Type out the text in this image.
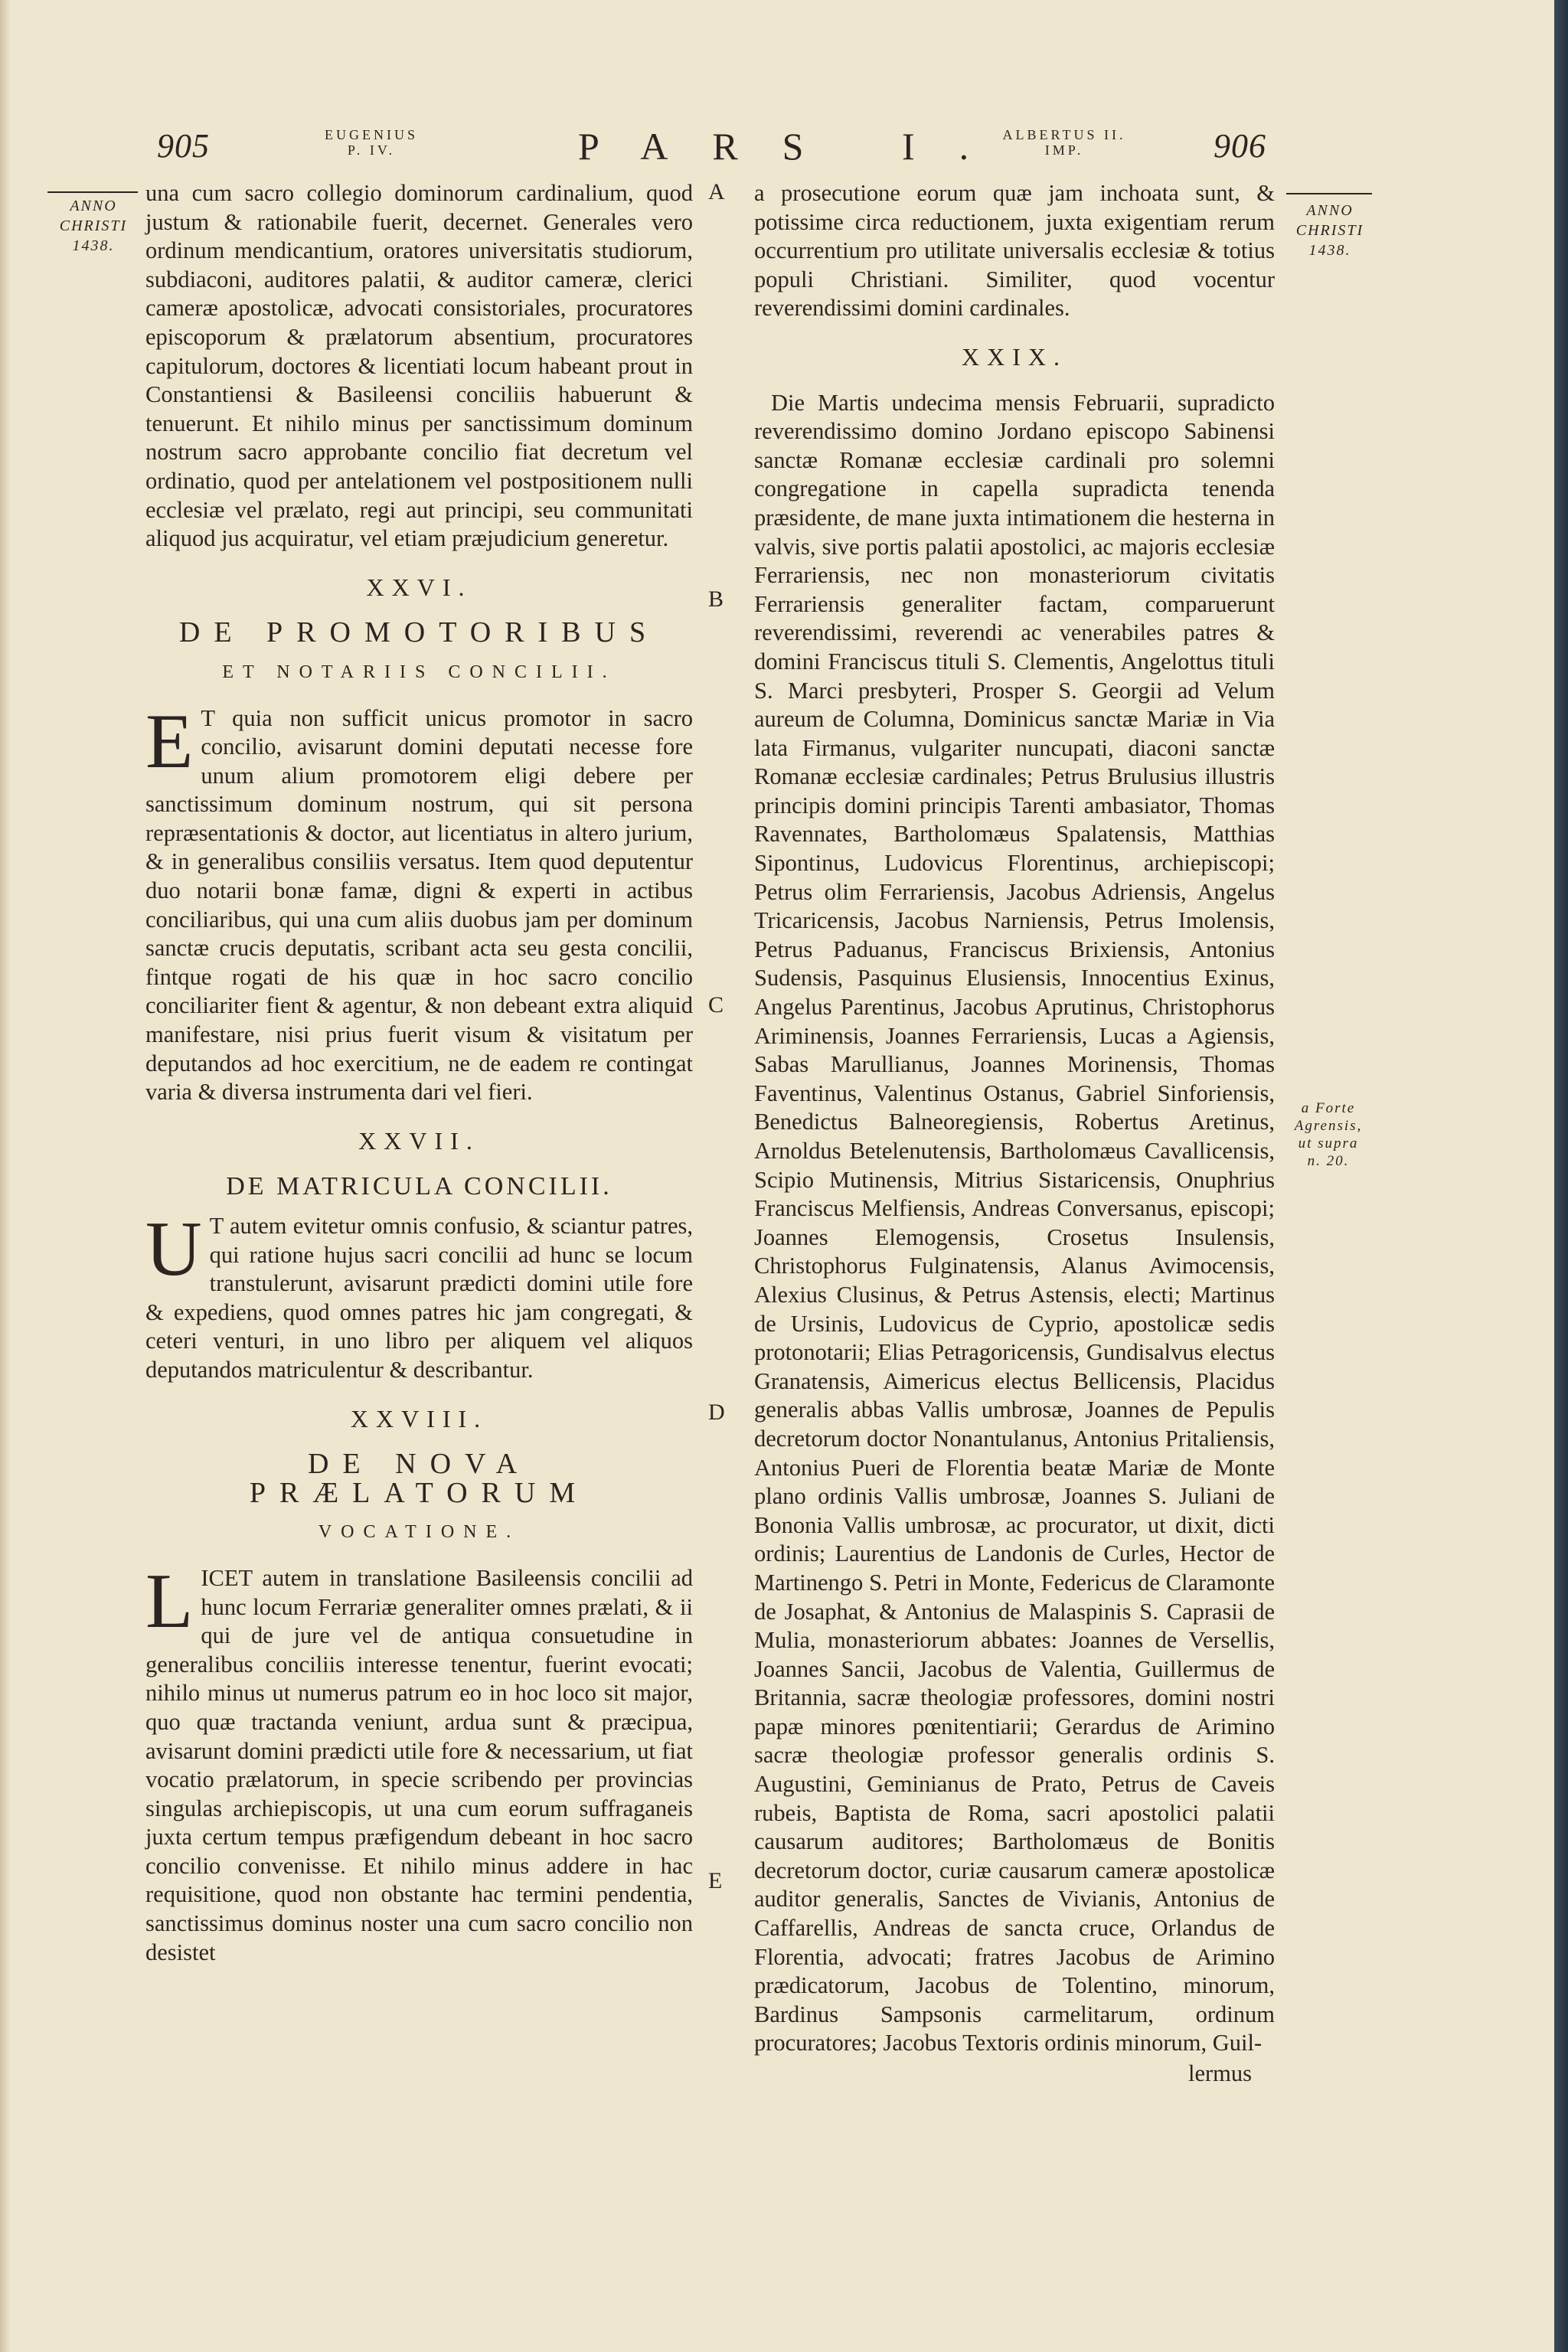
905	EUGENIUS
P. IV.	PARS I.
ALBERTUS II.
IMP.	906
ANNO
CHRISTI
1438.
ANNO
CHRISTI
1438.
a Forte
Agrensis,
ut supra
n. 20.
A
B
C
D
E

una cum sacro collegio dominorum cardinalium, quod justum & rationabile fuerit, decernet. Generales vero ordinum mendicantium, oratores universitatis studiorum, subdiaconi, auditores palatii, & auditor cameræ, clerici cameræ apostolicæ, advocati consistoriales, procuratores episcoporum & prælatorum absentium, procuratores capitulorum, doctores & licentiati locum habeant prout in Constantiensi & Basileensi conciliis habuerunt & tenuerunt. Et nihilo minus per sanctissimum dominum nostrum sacro approbante concilio fiat decretum vel ordinatio, quod per antelationem vel postpositionem nulli ecclesiæ vel prælato, regi aut principi, seu communitati aliquod jus acquiratur, vel etiam præjudicium generetur.

XXVI.
DE PROMOTORIBUS
ET NOTARIIS CONCILII.

E T quia non sufficit unicus promotor in sacro concilio, avisarunt domini deputati necesse fore unum alium promotorem eligi debere per sanctissimum dominum nostrum, qui sit persona repræsentationis & doctor, aut licentiatus in altero jurium, & in generalibus consiliis versatus. Item quod deputentur duo notarii bonæ famæ, digni & experti in actibus conciliaribus, qui una cum aliis duobus jam per dominum sanctæ crucis deputatis, scribant acta seu gesta concilii, fintque rogati de his quæ in hoc sacro concilio conciliariter fient & agentur, & non debeant extra aliquid manifestare, nisi prius fuerit visum & visitatum per deputandos ad hoc exercitium, ne de eadem re contingat varia & diversa instrumenta dari vel fieri.

XXVII.
DE MATRICULA CONCILII.

U T autem evitetur omnis confusio, & sciantur patres, qui ratione hujus sacri concilii ad hunc se locum transtulerunt, avisarunt prædicti domini utile fore & expediens, quod omnes patres hic jam congregati, & ceteri venturi, in uno libro per aliquem vel aliquos deputandos matriculentur & describantur.

XXVIII.
DE NOVA PRÆLATORUM
VOCATIONE.

LICET autem in translatione Basileensis concilii ad hunc locum Ferrariæ generaliter omnes prælati, & ii qui de jure vel de antiqua consuetudine in generalibus conciliis interesse tenentur, fuerint evocati; nihilo minus ut numerus patrum eo in hoc loco sit major, quo quæ tractanda veniunt, ardua sunt & præcipua, avisarunt domini prædicti utile fore & necessarium, ut fiat vocatio prælatorum, in specie scribendo per provincias singulas archiepiscopis, ut una cum eorum suffraganeis juxta certum tempus præfigendum debeant in hoc sacro concilio convenisse. Et nihilo minus addere in hac requisitione, quod non obstante hac termini pendentia, sanctissimus dominus noster una cum sacro concilio non desistet

a prosecutione eorum quæ jam inchoata sunt, & potissime circa reductionem, juxta exigentiam rerum occurrentium pro utilitate universalis ecclesiæ & totius populi Christiani. Similiter, quod vocentur reverendissimi domini cardinales.

XXIX.

Die Martis undecima mensis Februarii, supradicto reverendissimo domino Jordano episcopo Sabinensi sanctæ Romanæ ecclesiæ cardinali pro solemni congregatione in capella supradicta tenenda præsidente, de mane juxta intimationem die hesterna in valvis, sive portis palatii apostolici, ac majoris ecclesiæ Ferrariensis, nec non monasteriorum civitatis Ferrariensis generaliter factam, comparuerunt reverendissimi, reverendi ac venerabiles patres & domini Franciscus tituli S. Clementis, Angelottus tituli S. Marci presbyteri, Prosper S. Georgii ad Velum aureum de Columna, Dominicus sanctæ Mariæ in Via lata Firmanus, vulgariter nuncupati, diaconi sanctæ Romanæ ecclesiæ cardinales; Petrus Brulusius illustris principis domini principis Tarenti ambasiator, Thomas Ravennates, Bartholomæus Spalatensis, Matthias Sipontinus, Ludovicus Florentinus, archiepiscopi; Petrus olim Ferrariensis, Jacobus Adriensis, Angelus Tricaricensis, Jacobus Narniensis, Petrus Imolensis, Petrus Paduanus, Franciscus Brixiensis, Antonius Sudensis, Pasquinus Elusiensis, Innocentius Exinus, Angelus Parentinus, Jacobus Aprutinus, Christophorus Ariminensis, Joannes Ferrariensis, Lucas a Agiensis, Sabas Marullianus, Joannes Morinensis, Thomas Faventinus, Valentinus Ostanus, Gabriel Sinforiensis, Benedictus Balneoregiensis, Robertus Aretinus, Arnoldus Betelenutensis, Bartholomæus Cavallicensis, Scipio Mutinensis, Mitrius Sistaricensis, Onuphrius Franciscus Melfiensis, Andreas Conversanus, episcopi; Joannes Elemogensis, Crosetus Insulensis, Christophorus Fulginatensis, Alanus Avimocensis, Alexius Clusinus, & Petrus Astensis, electi; Martinus de Ursinis, Ludovicus de Cyprio, apostolicæ sedis protonotarii; Elias Petragoricensis, Gundisalvus electus Granatensis, Aimericus electus Bellicensis, Placidus generalis abbas Vallis umbrosæ, Joannes de Pepulis decretorum doctor Nonantulanus, Antonius Pritaliensis, Antonius Pueri de Florentia beatæ Mariæ de Monte plano ordinis Vallis umbrosæ, Joannes S. Juliani de Bononia Vallis umbrosæ, ac procurator, ut dixit, dicti ordinis; Laurentius de Landonis de Curles, Hector de Martinengo S. Petri in Monte, Federicus de Claramonte de Josaphat, & Antonius de Malaspinis S. Caprasii de Mulia, monasteriorum abbates: Joannes de Versellis, Joannes Sancii, Jacobus de Valentia, Guillermus de Britannia, sacræ theologiæ professores, domini nostri papæ minores pœnitentiarii; Gerardus de Arimino sacræ theologiæ professor generalis ordinis S. Augustini, Geminianus de Prato, Petrus de Caveis rubeis, Baptista de Roma, sacri apostolici palatii causarum auditores; Bartholomæus de Bonitis decretorum doctor, curiæ causarum cameræ apostolicæ auditor generalis, Sanctes de Vivianis, Antonius de Caffarellis, Andreas de sancta cruce, Orlandus de Florentia, advocati; fratres Jacobus de Arimino prædicatorum, Jacobus de Tolentino, minorum, Bardinus Sampsonis carmelitarum, ordinum procuratores; Jacobus Textoris ordinis minorum, Guil-

lermus
